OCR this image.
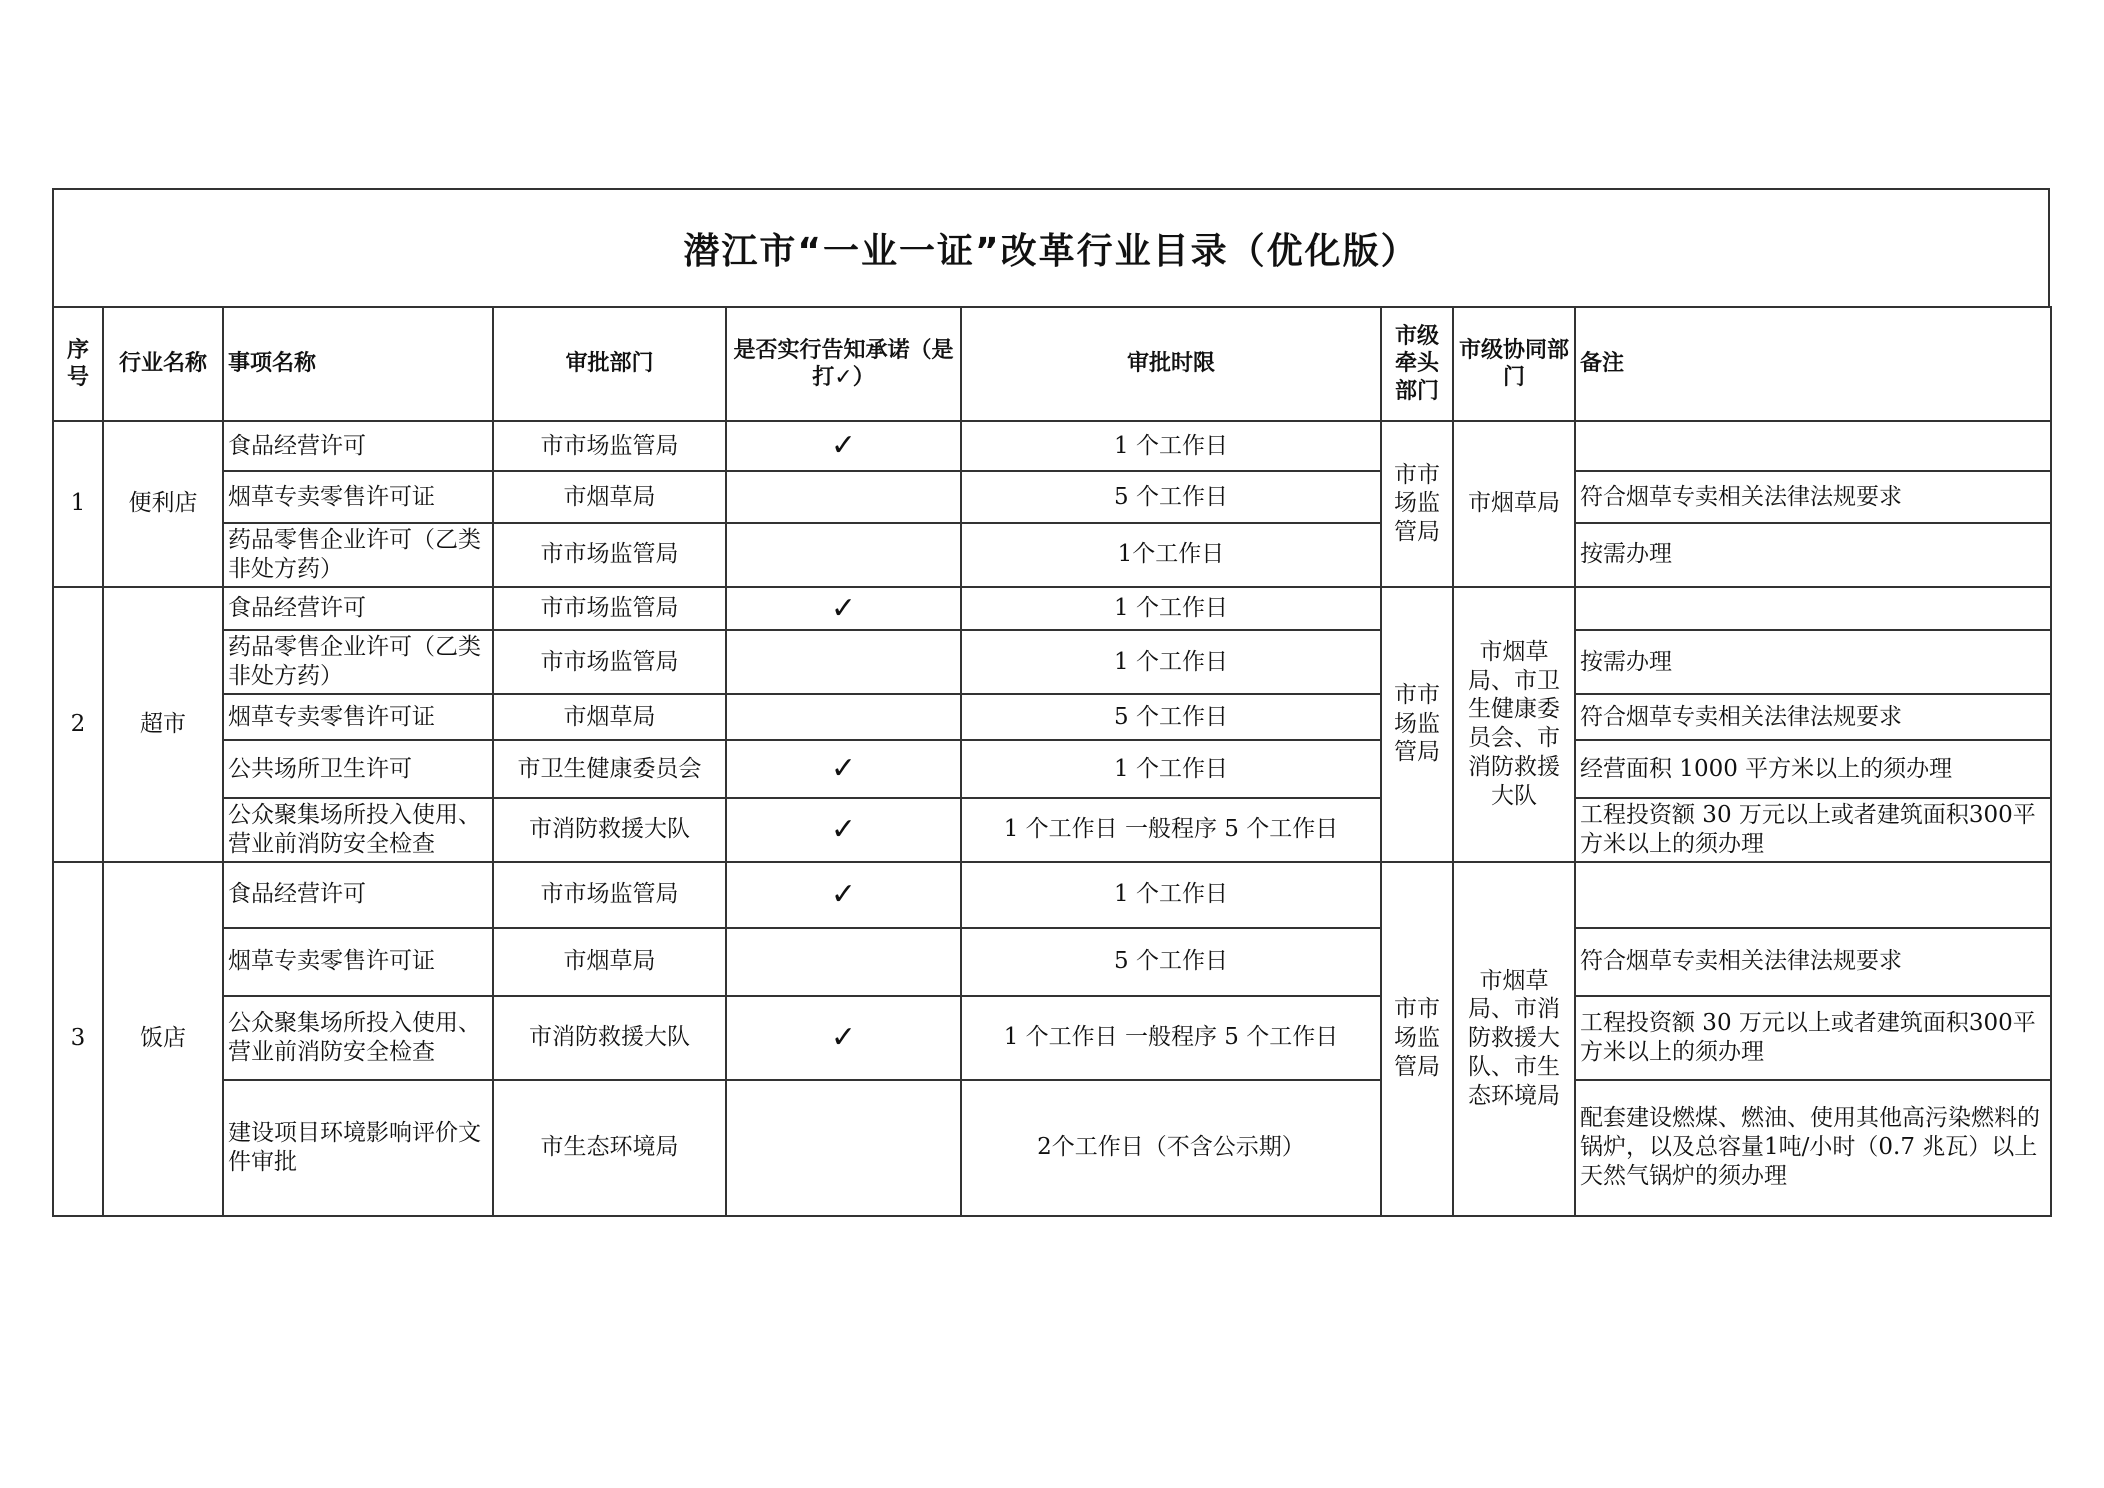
潜江市“一业一证”改革行业目录（优化版）
序号	行业名称	事项名称	审批部门	是否实行告知承诺（是打✓）	审批时限	市级牵头部门	市级协同部门	备注
1	便利店	食品经营许可	市市场监管局	✓	1 个工作日	市市场监管局	市烟草局	
		烟草专卖零售许可证	市烟草局		5 个工作日			符合烟草专卖相关法律法规要求
		药品零售企业许可（乙类非处方药）	市市场监管局		1个工作日			按需办理
2	超市	食品经营许可	市市场监管局	✓	1 个工作日	市市场监管局	市烟草局、市卫生健康委员会、市消防救援大队	
		药品零售企业许可（乙类非处方药）	市市场监管局		1 个工作日			按需办理
		烟草专卖零售许可证	市烟草局		5 个工作日			符合烟草专卖相关法律法规要求
		公共场所卫生许可	市卫生健康委员会	✓	1 个工作日			经营面积 1000 平方米以上的须办理
		公众聚集场所投入使用、营业前消防安全检查	市消防救援大队	✓	1 个工作日 一般程序 5 个工作日			工程投资额 30 万元以上或者建筑面积300平方米以上的须办理
3	饭店	食品经营许可	市市场监管局	✓	1 个工作日	市市场监管局	市烟草局、市消防救援大队、市生态环境局	
		烟草专卖零售许可证	市烟草局		5 个工作日			符合烟草专卖相关法律法规要求
		公众聚集场所投入使用、营业前消防安全检查	市消防救援大队	✓	1 个工作日 一般程序 5 个工作日			工程投资额 30 万元以上或者建筑面积300平方米以上的须办理
		建设项目环境影响评价文件审批	市生态环境局		2个工作日（不含公示期）			配套建设燃煤、燃油、使用其他高污染燃料的锅炉，以及总容量1吨/小时（0.7 兆瓦）以上天然气锅炉的须办理
